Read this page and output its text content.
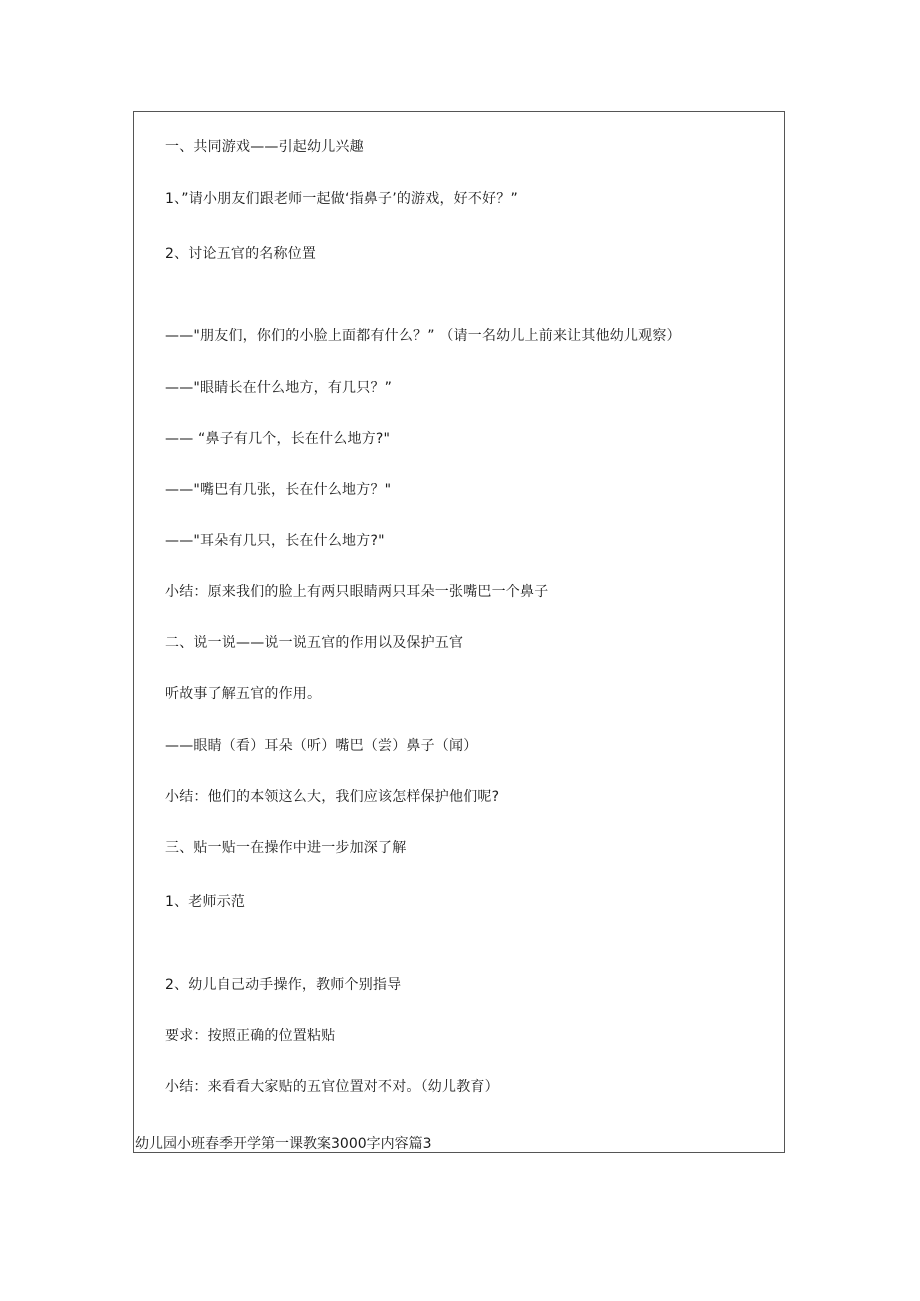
一、共同游戏——引起幼儿兴趣
1、”请小朋友们跟老师一起做‘指鼻子’的游戏，好不好？”
2、讨论五官的名称位置
——"朋友们，你们的小脸上面都有什么？” （请一名幼儿上前来让其他幼儿观察）
——"眼睛长在什么地方，有几只？”
—— “鼻子有几个，长在什么地方?"
——"嘴巴有几张，长在什么地方？"
——"耳朵有几只，长在什么地方?"
小结：原来我们的脸上有两只眼睛两只耳朵一张嘴巴一个鼻子
二、说一说——说一说五官的作用以及保护五官
听故事了解五官的作用。
——眼睛（看）耳朵（听）嘴巴（尝）鼻子（闻）
小结：他们的本领这么大，我们应该怎样保护他们呢?
三、贴一贴一在操作中进一步加深了解
1、老师示范
2、幼儿自己动手操作，教师个别指导
要求：按照正确的位置粘贴
小结：来看看大家贴的五官位置对不对。（幼儿教育）
幼儿园小班春季开学第一课教案3000字内容篇3
